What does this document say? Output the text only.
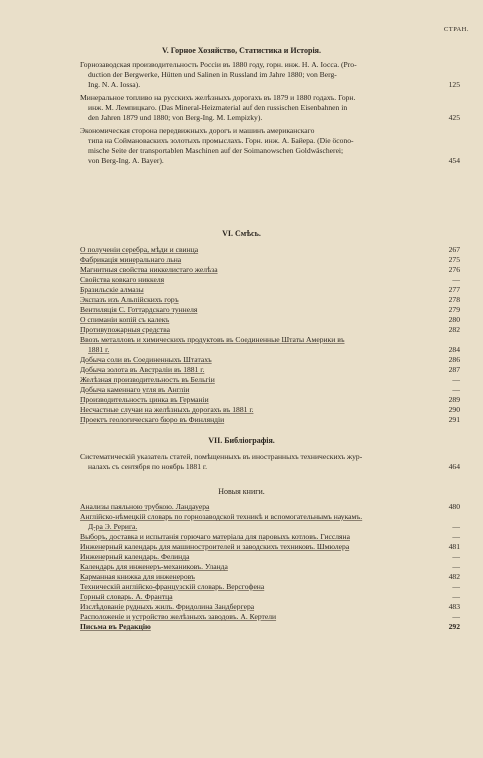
СТРАН.
V. Горное Хозяйство, Статистика и Исторія.
Горнозаводская производительность Россіи въ 1880 году, горн. инж. Н. А. Іосса. (Pro-
duction der Bergwerke, Hütten und Salinen in Russland im Jahre 1880; von Berg-
Ing. N. A. Iossa).	125
Минеральное топливо на русскихъ желѣзныхъ дорогахъ въ 1879 и 1880 годахъ. Горн.
инж. М. Лемпицкаго. (Das Mineral-Heizmaterial auf den russischen Eisenbahnen in
den Jahren 1879 und 1880; von Berg-Ing. M. Lempizky).	425
Экономическая сторона передвижныхъ дорогъ и машинъ американскаго
типа на Соймановаскихъ золотыхъ промыслахъ. Горн. инж. А. Байера. (Die öcono-
mische Seite der transportablen Maschinen auf der Soimanowschen Goldwäscherei;
von Berg-Ing. A. Bayer).	454
VI. Смѣсь.
О полученіи серебра, мѣди и свинца	267
Фабрикація минеральнаго льна	275
Магнитныя свойства никкелистаго желѣза	276
Свойства ковкаго никкеля	—
Бразильскіе алмазы	277
Экспазъ изъ Альпійскихъ горъ	278
Вентиляція С. Готтардскаго туннеля	279
О спиманіи копій съ калекъ	280
Противупожарныя средства	282
Ввозъ металловъ и химическихъ продуктовъ въ Соединенные Штаты Америки въ
1881 г.	284
Добыча соли въ Соединенныхъ Штатахъ	286
Добыча золота въ Австраліи въ 1881 г.	287
Желѣзная производительность въ Бельгіи	—
Добыча каменнаго угля въ Англіи	—
Производительность цинка въ Германіи	289
Несчастные случаи на желѣзныхъ дорогахъ въ 1881 г.	290
Проектъ геологическаго бюро въ Финляндіи	291
VII. Библіографія.
Систематическій указатель статей, помѣщенныхъ въ иностранныхъ техническихъ жур-
налахъ съ сентября по ноябрь 1881 г.	464
Новыя книги.
Анализы паяльною трубкою. Ландауера	480
Англійско-нѣмецкій словарь по горнозаводской техникѣ и вспомогательнымъ наукамъ.
Д-ра Э. Рерига.	—
Выборъ, доставка и испытанія горючаго матеріала для паровыхъ котловъ. Гиссляна	—
Инженерный календарь для машиностроителей и заводскихъ техниковъ. Шмюлера	481
Инженерный календарь. Фелинда	—
Календарь для инженеръ-механиковъ. Уланда	—
Карманная книжка для инженеровъ	482
Техническій англійско-французскій словарь. Версгофена	—
Горный словарь. А. Франтца	—
Изслѣдованіе рудныхъ жилъ. Фридолина Зандбергера	483
Расположеніе и устройство желѣзныхъ заводовъ. А. Кертели	—
Письма въ Редакцію	292
